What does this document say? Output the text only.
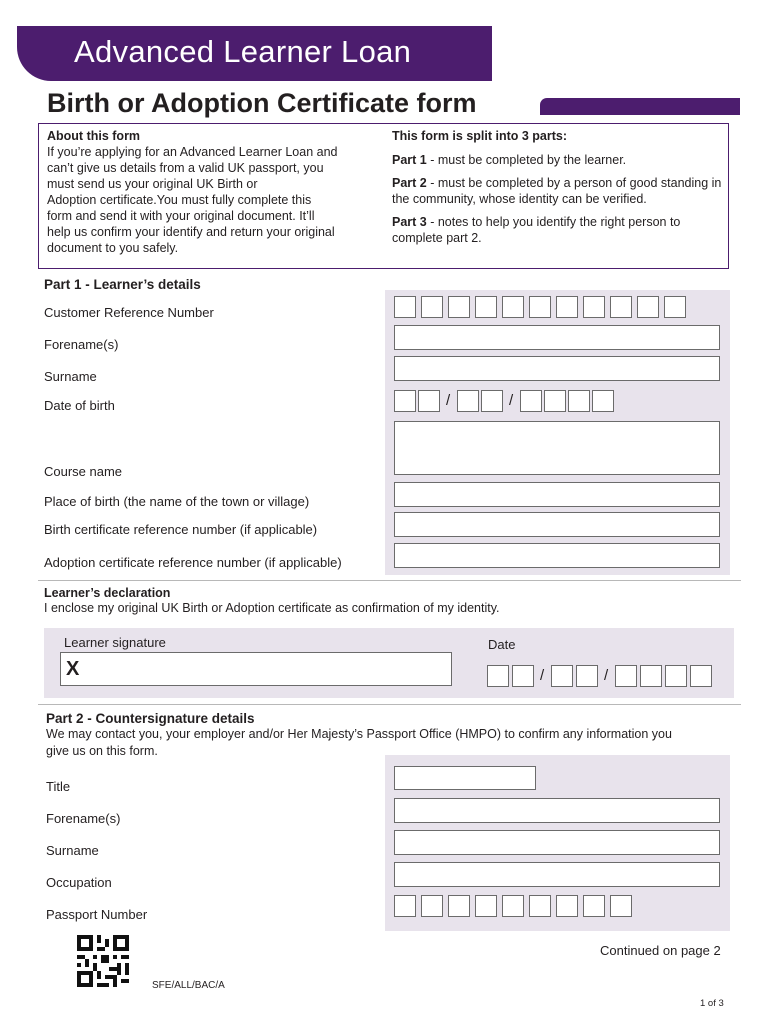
Advanced Learner Loan
Birth or Adoption Certificate form
About this form
If you’re applying for an Advanced Learner Loan and
can’t give us details from a valid UK passport, you
must send us your original UK Birth or
Adoption certificate.You must fully complete this
form and send it with your original document. It’ll
help us confirm your identify and return your original
document to you safely.
This form is split into 3 parts:

Part 1 - must be completed by the learner.

Part 2 - must be completed by a person of good standing in the community, whose identity can be verified.

Part 3 - notes to help you identify the right person to complete part 2.

Part 1 - Learner’s details
Customer Reference Number
Forename(s)
Surname
Date of birth	/	/
Course name
Place of birth (the name of the town or village)
Birth certificate reference number (if applicable)
Adoption certificate reference number (if applicable)
Learner’s declaration
I enclose my original UK Birth or Adoption certificate as confirmation of my identity.
Learner signature
X
Date
/	/
Part 2 - Countersignature details
We may contact you, your employer and/or Her Majesty’s Passport Office (HMPO) to confirm any information you give us on this form.
Title
Forename(s)
Surname
Occupation
Passport Number
SFE/ALL/BAC/A
Continued on page 2
1 of 3
